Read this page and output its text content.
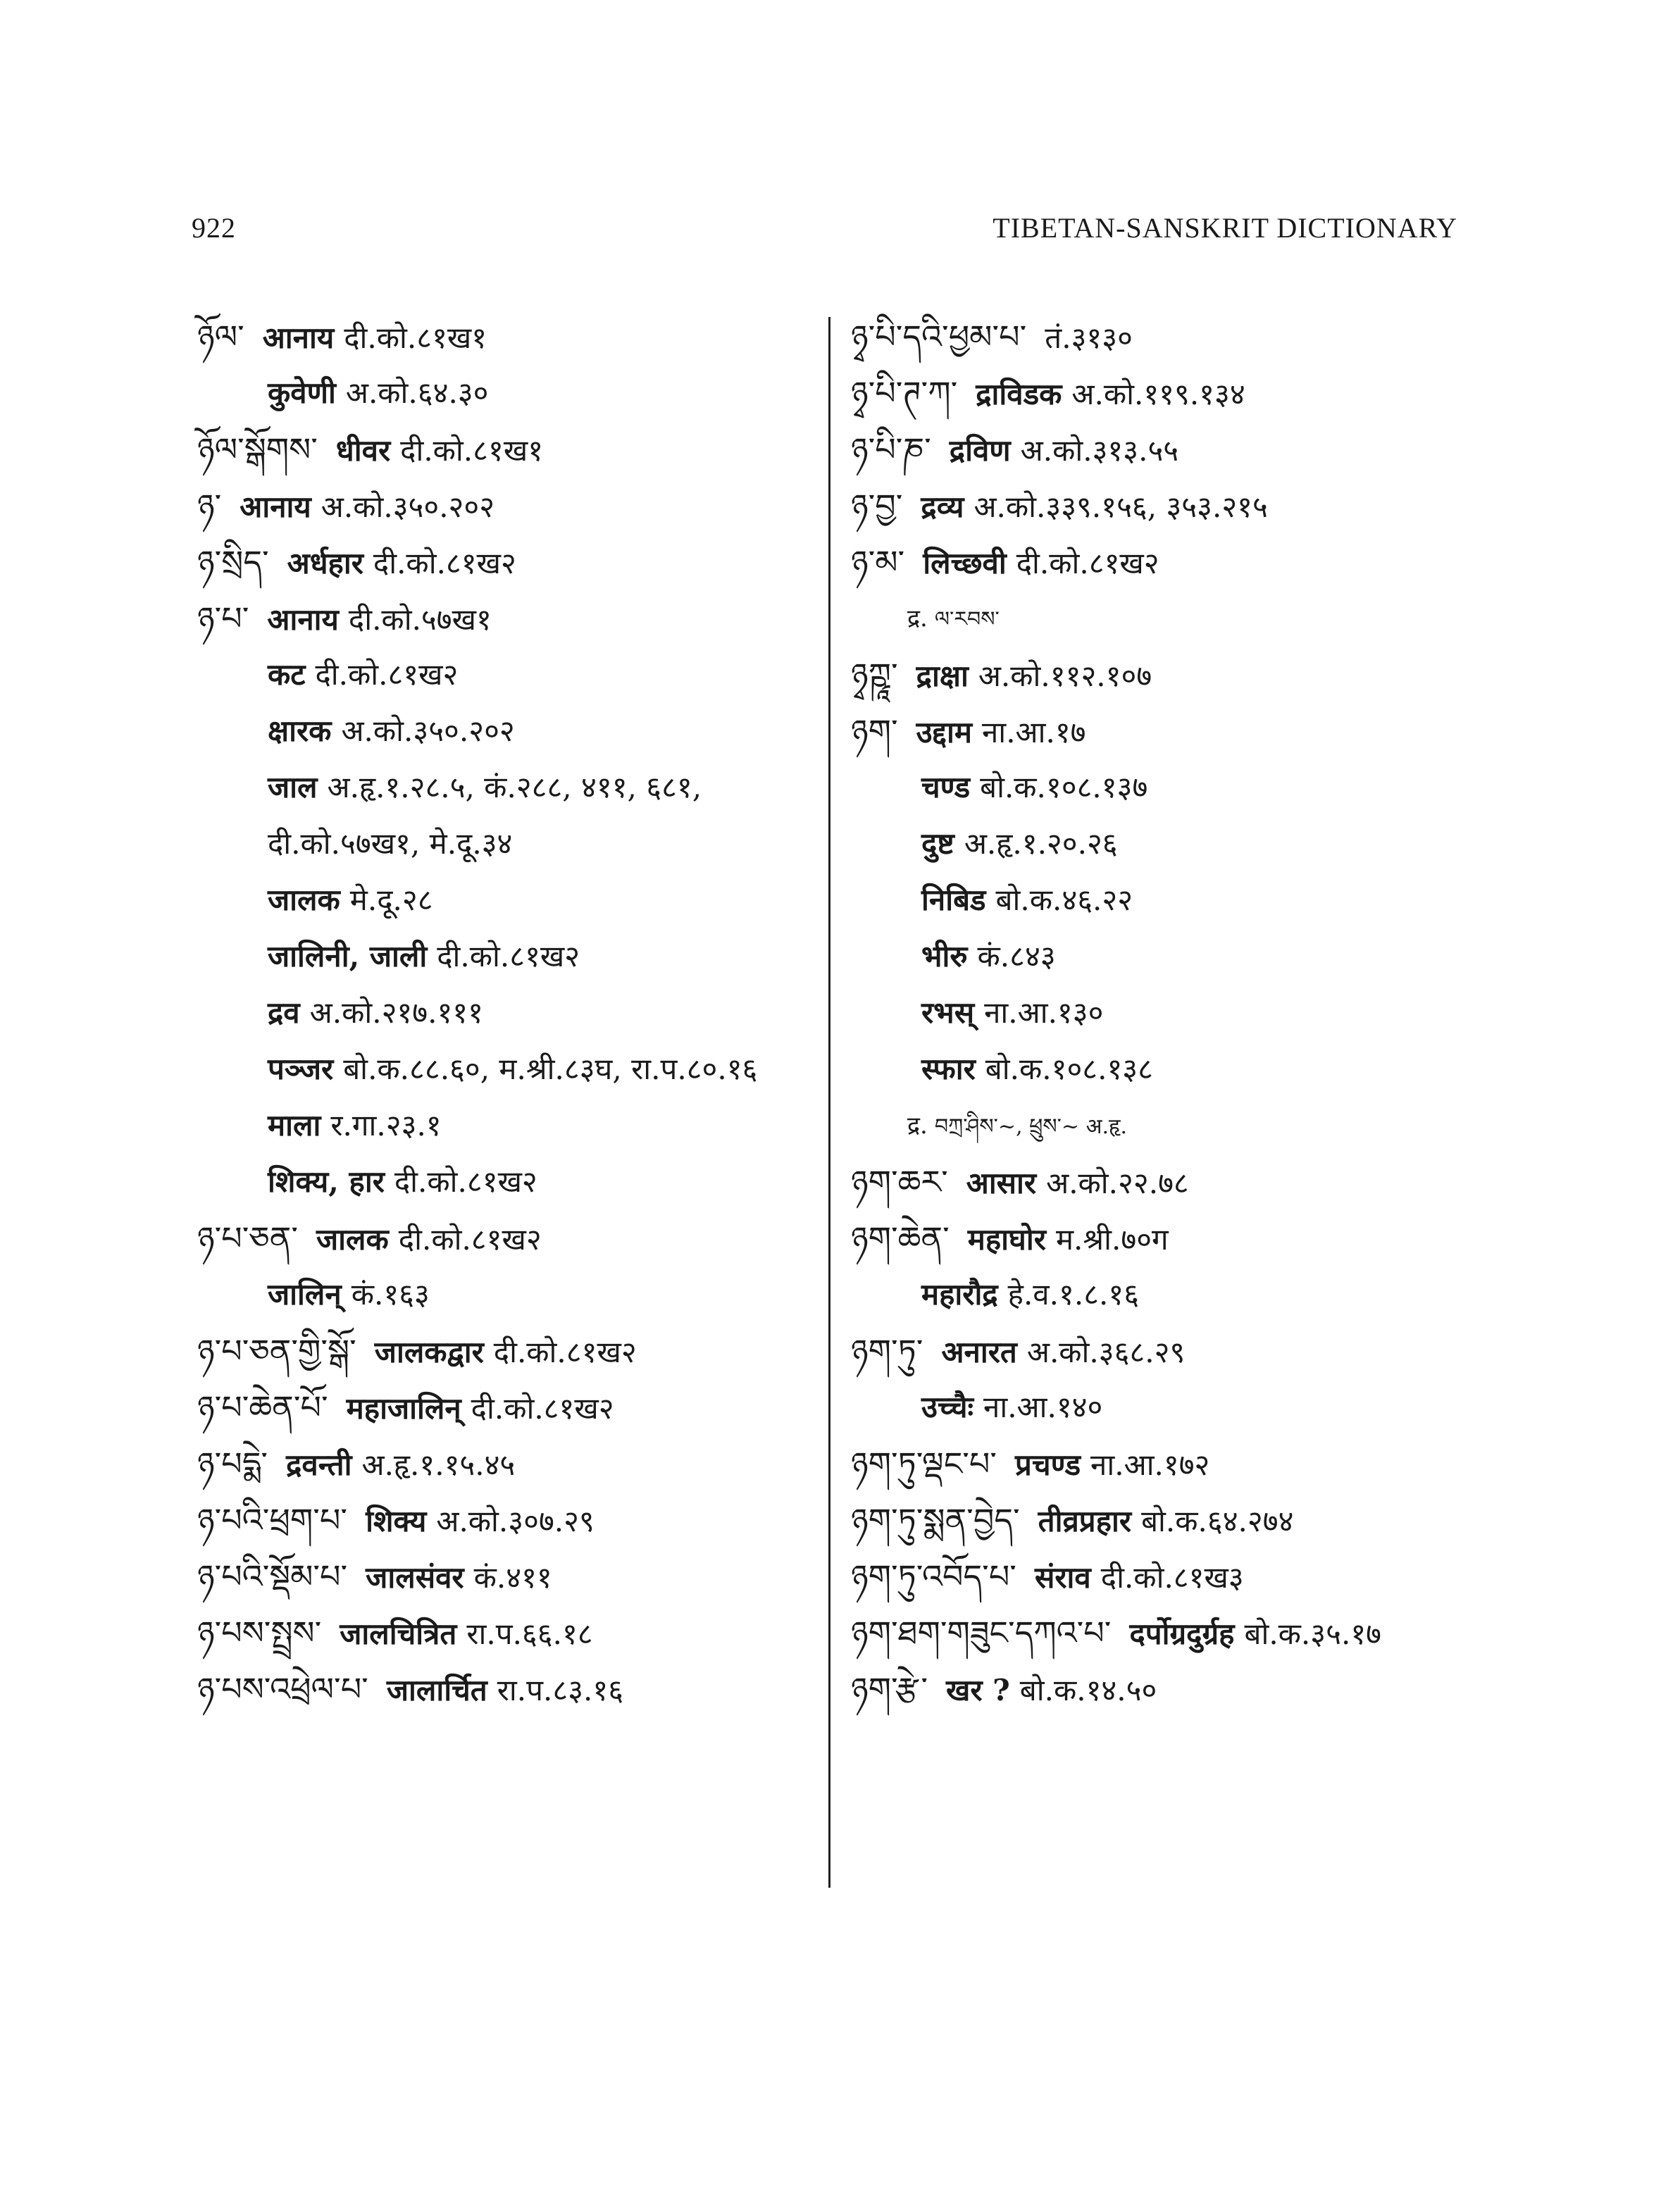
922	TIBETAN-SANSKRIT DICTIONARY
ཉོལ་ आनाय दी.को.८१ख१
कुवेणी अ.को.६४.३०
ཉོལ་སྒོགས་ धीवर दी.को.८१ख१
ཉ་ आनाय अ.को.३५०.२०२
ཉ་སྲིད་ अर्धहार दी.को.८१ख२
ཉ་པ་ आनाय दी.को.५७ख१
कट दी.को.८१ख२
क्षारक अ.को.३५०.२०२
जाल अ.हृ.१.२८.५, कं.२८८, ४११, ६८१,
दी.को.५७ख१, मे.दू.३४
जालक मे.दू.२८
जालिनी, जाली दी.को.८१ख२
द्रव अ.को.२१७.१११
पञ्जर बो.क.८८.६०, म.श्री.८३घ, रा.प.८०.१६
माला र.गा.२३.१
शिक्य, हार दी.को.८१ख२
ཉ་པ་ཅན་ जालक दी.को.८१ख२
जालिन् कं.१६३
ཉ་པ་ཅན་གྱི་སྒོ་ जालकद्वार दी.को.८१ख२
ཉ་པ་ཆེན་པོ་ महाजालिन् दी.को.८१ख२
ཉ་པདྨེ་ द्रवन्ती अ.हृ.१.१५.४५
ཉ་པའི་ཕྲག་པ་ शिक्य अ.को.३०७.२९
ཉ་པའི་སྡོམ་པ་ जालसंवर कं.४११
ཉ་པས་སྤྲས་ जालचित्रित रा.प.६६.१८
ཉ་པས་འཕྲེལ་པ་ जालार्चित रा.प.८३.१६
ཉྭ་པི་དའི་ཕྱམ་པ་ तं.३१३०
ཉྭ་པི་ཊ་ཀ་ द्राविडक अ.को.११९.१३४
ཉ་པི་ཎ་ द्रविण अ.को.३१३.५५
ཉ་བྱ་ द्रव्य अ.को.३३९.१५६, ३५३.२१५
ཉ་མ་ लिच्छवी दी.को.८१ख२
द्र. ལ་རབས་
ཉྭཀྵཱ་ द्राक्षा अ.को.११२.१०७
ཉག་ उद्दाम ना.आ.१७
चण्ड बो.क.१०८.१३७
दुष्ट अ.हृ.१.२०.२६
निबिड बो.क.४६.२२
भीरु कं.८४३
रभस् ना.आ.१३०
स्फार बो.क.१०८.१३८
द्र. བཀྲ་ཤིས་~, ཕྲུས་~ अ.हृ.
ཉག་ཆར་ आसार अ.को.२२.७८
ཉག་ཆེན་ महाघोर म.श्री.७०ग
महारौद्र हे.व.१.८.१६
ཉག་ཏུ་ अनारत अ.को.३६८.२९
उच्चैः ना.आ.१४०
ཉག་ཏུ་ལྡང་པ་ प्रचण्ड ना.आ.१७२
ཉག་ཏུ་སྨན་བྱེད་ तीव्रप्रहार बो.क.६४.२७४
ཉག་ཏུ་འབོད་པ་ संराव दी.को.८१ख३
ཉག་ཐག་གཟུང་དཀའ་པ་ दर्पोग्रदुर्ग्रह बो.क.३५.१७
ཉག་རྩེ་ खर ? बो.क.१४.५०
